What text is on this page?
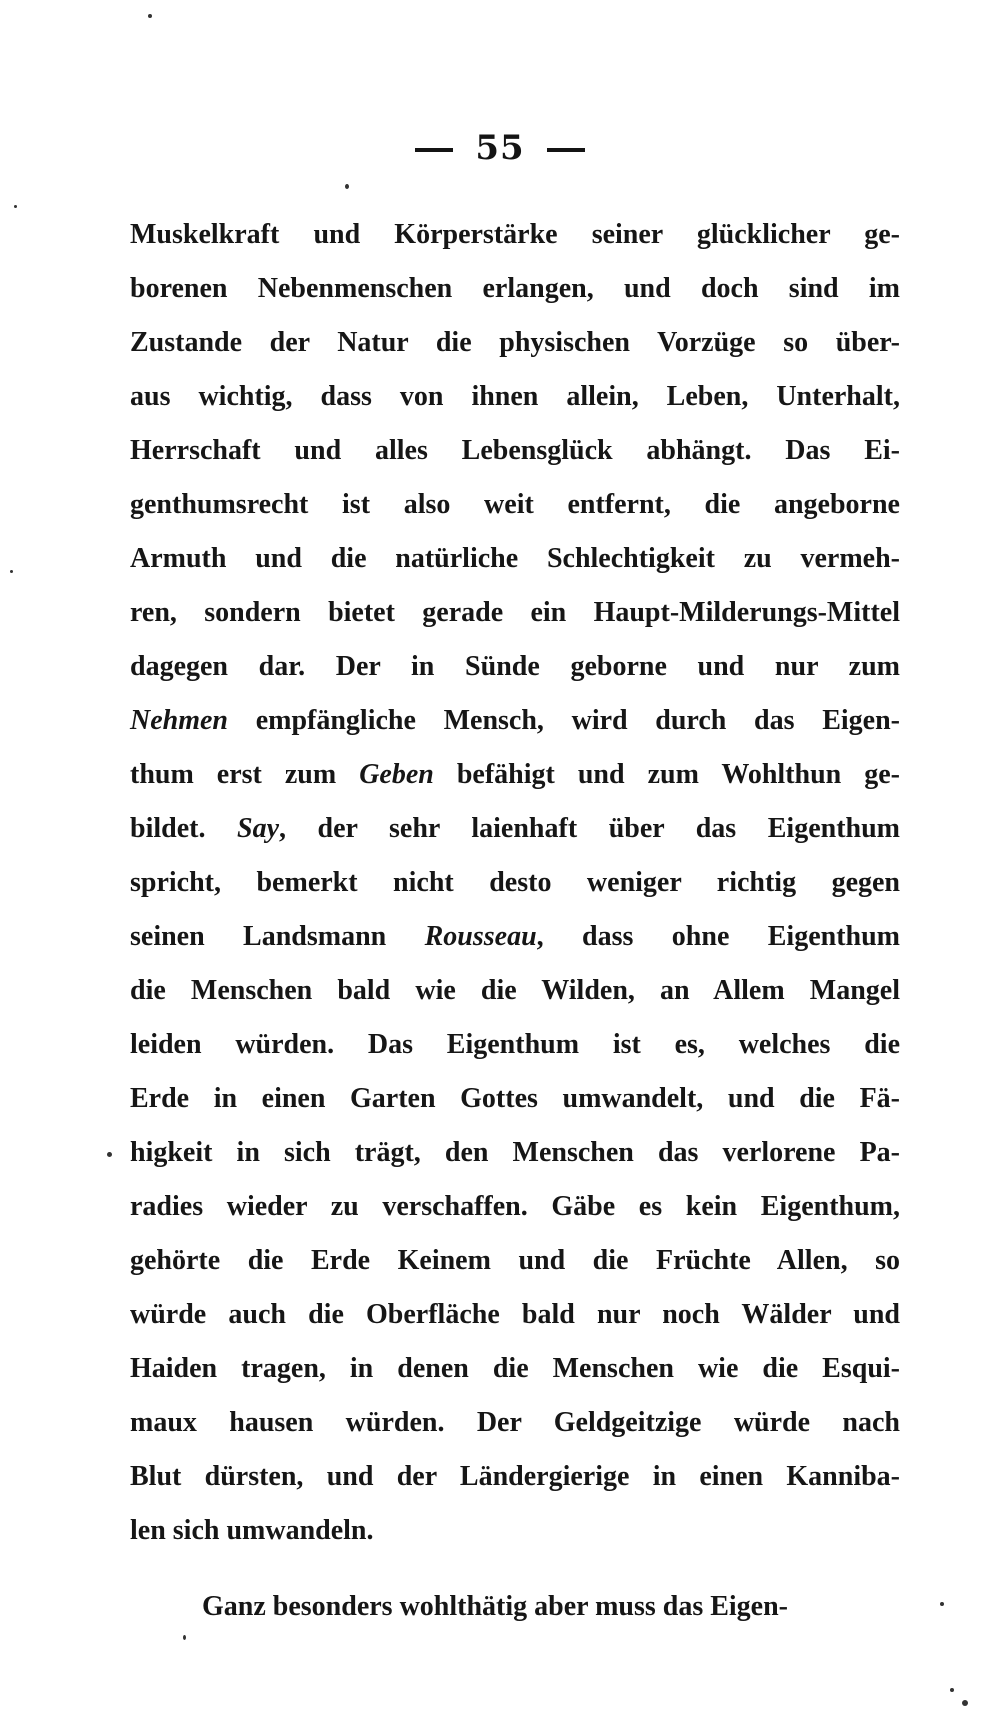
55
Muskelkraft und Körperstärke seiner glücklicher ge-
borenen Nebenmenschen erlangen, und doch sind im
Zustande der Natur die physischen Vorzüge so über-
aus wichtig, dass von ihnen allein, Leben, Unterhalt,
Herrschaft und alles Lebensglück abhängt. Das Ei-
genthumsrecht ist also weit entfernt, die angeborne
Armuth und die natürliche Schlechtigkeit zu vermeh-
ren, sondern bietet gerade ein Haupt-Milderungs-Mittel
dagegen dar. Der in Sünde geborne und nur zum
Nehmen empfängliche Mensch, wird durch das Eigen-
thum erst zum Geben befähigt und zum Wohlthun ge-
bildet. Say, der sehr laienhaft über das Eigenthum
spricht, bemerkt nicht desto weniger richtig gegen
seinen Landsmann Rousseau, dass ohne Eigenthum
die Menschen bald wie die Wilden, an Allem Mangel
leiden würden. Das Eigenthum ist es, welches die
Erde in einen Garten Gottes umwandelt, und die Fä-
higkeit in sich trägt, den Menschen das verlorene Pa-
radies wieder zu verschaffen. Gäbe es kein Eigenthum,
gehörte die Erde Keinem und die Früchte Allen, so
würde auch die Oberfläche bald nur noch Wälder und
Haiden tragen, in denen die Menschen wie die Esqui-
maux hausen würden. Der Geldgeitzige würde nach
Blut dürsten, und der Ländergierige in einen Kanniba-
len sich umwandeln.
Ganz besonders wohlthätig aber muss das Eigen-
